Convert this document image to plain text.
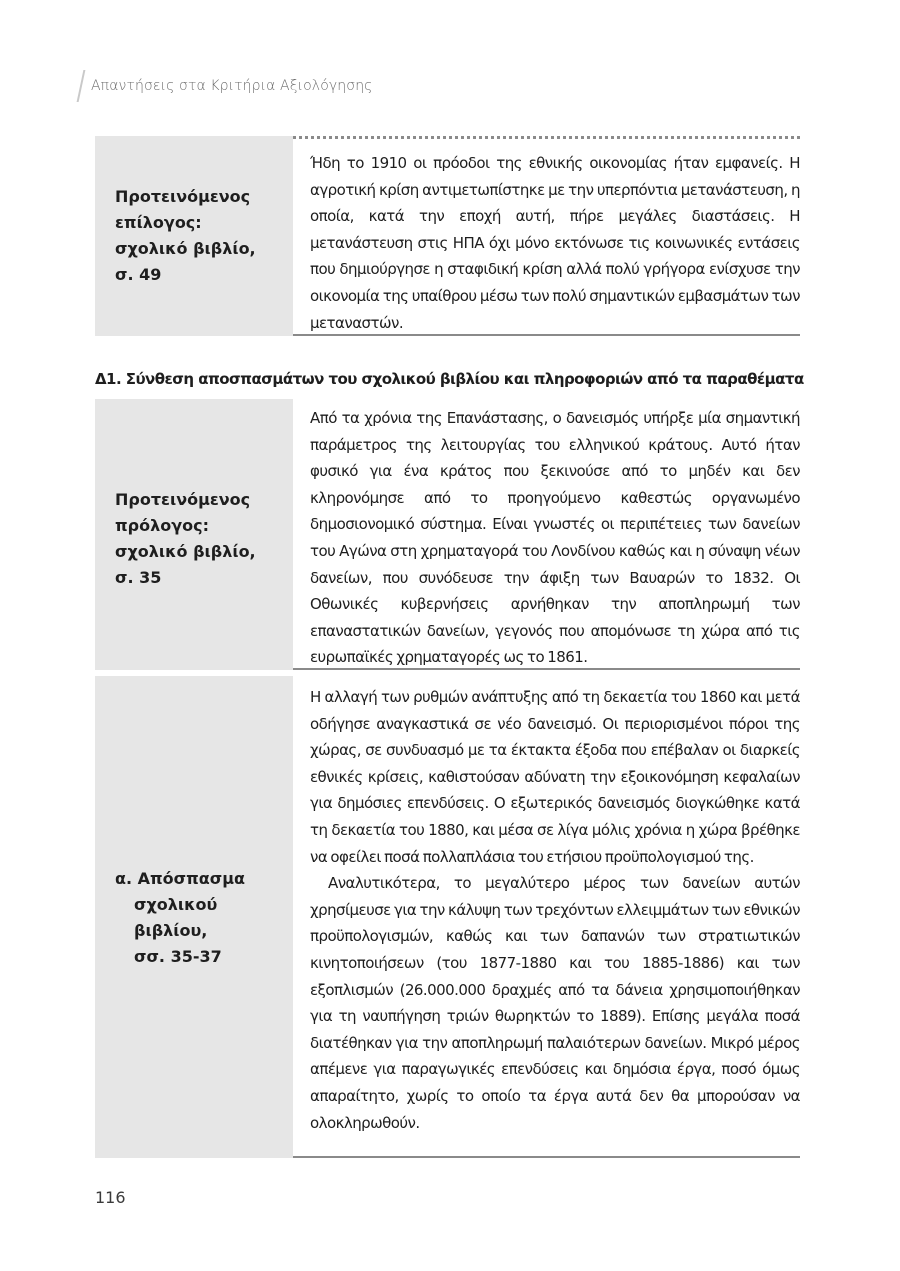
Απαντήσεις στα Κριτήρια Αξιολόγησης
Προτεινόμενος
επίλογος:
σχολικό βιβλίο,
σ. 49

Ήδη το 1910 οι πρόοδοι της εθνικής οικονομίας ήταν εμφανείς. Η αγροτική κρίση αντιμετωπίστηκε με την υπερπόντια μετανάστευση, η οποία, κατά την εποχή αυτή, πήρε μεγάλες διαστάσεις. Η μετανάστευση στις ΗΠΑ όχι μόνο εκτόνωσε τις κοινωνικές εντάσεις που δημιούργησε η σταφιδική κρίση αλλά πολύ γρήγορα ενίσχυσε την οικονομία της υπαίθρου μέσω των πολύ σημαντικών εμβασμάτων των μεταναστών.

Δ1. Σύνθεση αποσπασμάτων του σχολικού βιβλίου και πληροφοριών από τα παραθέματα
Προτεινόμενος
πρόλογος:
σχολικό βιβλίο,
σ. 35

Από τα χρόνια της Επανάστασης, ο δανεισμός υπήρξε μία σημαντική παράμετρος της λειτουργίας του ελληνικού κράτους. Αυτό ήταν φυσικό για ένα κράτος που ξεκινούσε από το μηδέν και δεν κληρονόμησε από το προηγούμενο καθεστώς οργανωμένο δημοσιονομικό σύστημα. Είναι γνωστές οι περιπέτειες των δανείων του Αγώνα στη χρηματαγορά του Λονδίνου καθώς και η σύναψη νέων δανείων, που συνόδευσε την άφιξη των Βαυαρών το 1832. Οι Οθωνικές κυβερνήσεις αρνήθηκαν την αποπληρωμή των επαναστατικών δανείων, γεγονός που απομόνωσε τη χώρα από τις ευρωπαϊκές χρηματαγορές ως το 1861.

α. Απόσπασμα
σχολικού βιβλίου,
σσ. 35-37

Η αλλαγή των ρυθμών ανάπτυξης από τη δεκαετία του 1860 και μετά οδήγησε αναγκαστικά σε νέο δανεισμό. Οι περιορισμένοι πόροι της χώρας, σε συνδυασμό με τα έκτακτα έξοδα που επέβαλαν οι διαρκείς εθνικές κρίσεις, καθιστούσαν αδύνατη την εξοικονόμηση κεφαλαίων για δημόσιες επενδύσεις. Ο εξωτερικός δανεισμός διογκώθηκε κατά τη δεκαετία του 1880, και μέσα σε λίγα μόλις χρόνια η χώρα βρέθηκε να οφείλει ποσά πολλαπλάσια του ετήσιου προϋπολογισμού της.

Αναλυτικότερα, το μεγαλύτερο μέρος των δανείων αυτών χρησίμευσε για την κάλυψη των τρεχόντων ελλειμμάτων των εθνικών προϋπολογισμών, καθώς και των δαπανών των στρατιωτικών κινητοποιήσεων (του 1877-1880 και του 1885-1886) και των εξοπλισμών (26.000.000 δραχμές από τα δάνεια χρησιμοποιήθηκαν για τη ναυπήγηση τριών θωρηκτών το 1889). Επίσης μεγάλα ποσά διατέθηκαν για την αποπληρωμή παλαιότερων δανείων. Μικρό μέρος απέμενε για παραγωγικές επενδύσεις και δημόσια έργα, ποσό όμως απαραίτητο, χωρίς το οποίο τα έργα αυτά δεν θα μπορούσαν να ολοκληρωθούν.

116
